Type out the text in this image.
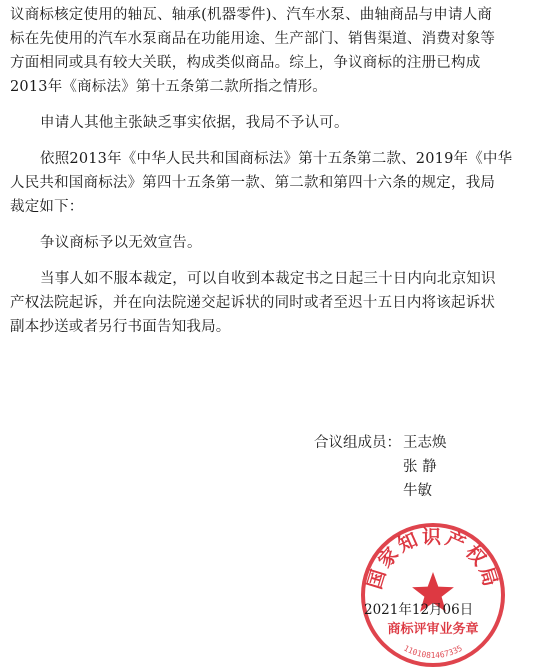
议商标核定使用的轴瓦、轴承(机器零件)、汽车水泵、曲轴商品与申请人商
标在先使用的汽车水泵商品在功能用途、生产部门、销售渠道、消费对象等
方面相同或具有较大关联，构成类似商品。综上，争议商标的注册已构成
2013年《商标法》第十五条第二款所指之情形。
申请人其他主张缺乏事实依据，我局不予认可。
依照2013年《中华人民共和国商标法》第十五条第二款、2019年《中华
人民共和国商标法》第四十五条第一款、第二款和第四十六条的规定，我局
裁定如下：
争议商标予以无效宣告。
当事人如不服本裁定，可以自收到本裁定书之日起三十日内向北京知识
产权法院起诉，并在向法院递交起诉状的同时或者至迟十五日内将该起诉状
副本抄送或者另行书面告知我局。
合议组成员： 王志焕
张 静
牛敏
国家知识产权局
商标评审业务章
1101081467335
2021年12月06日
